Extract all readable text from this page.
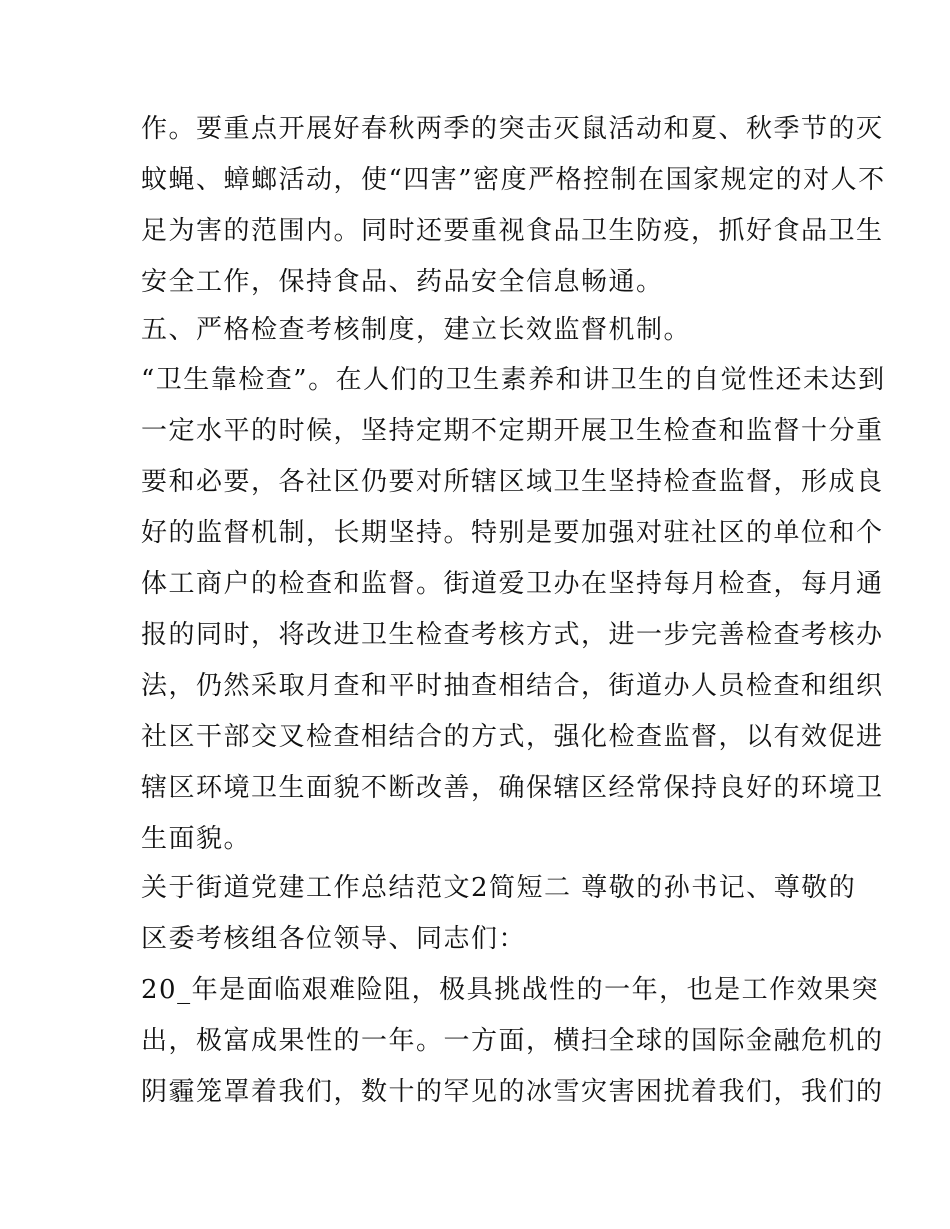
作。要重点开展好春秋两季的突击灭鼠活动和夏、秋季节的灭
蚊蝇、蟑螂活动，使“四害”密度严格控制在国家规定的对人不
足为害的范围内。同时还要重视食品卫生防疫，抓好食品卫生
安全工作，保持食品、药品安全信息畅通。
五、严格检查考核制度，建立长效监督机制。
“卫生靠检查”。在人们的卫生素养和讲卫生的自觉性还未达到
一定水平的时候，坚持定期不定期开展卫生检查和监督十分重
要和必要，各社区仍要对所辖区域卫生坚持检查监督，形成良
好的监督机制，长期坚持。特别是要加强对驻社区的单位和个
体工商户的检查和监督。街道爱卫办在坚持每月检查，每月通
报的同时，将改进卫生检查考核方式，进一步完善检查考核办
法，仍然采取月查和平时抽查相结合，街道办人员检查和组织
社区干部交叉检查相结合的方式，强化检查监督，以有效促进
辖区环境卫生面貌不断改善，确保辖区经常保持良好的环境卫
生面貌。
关于街道党建工作总结范文2简短二 尊敬的孙书记、尊敬的
区委考核组各位领导、同志们：
20_年是面临艰难险阻，极具挑战性的一年，也是工作效果突
出，极富成果性的一年。一方面，横扫全球的国际金融危机的
阴霾笼罩着我们，数十的罕见的冰雪灾害困扰着我们，我们的
